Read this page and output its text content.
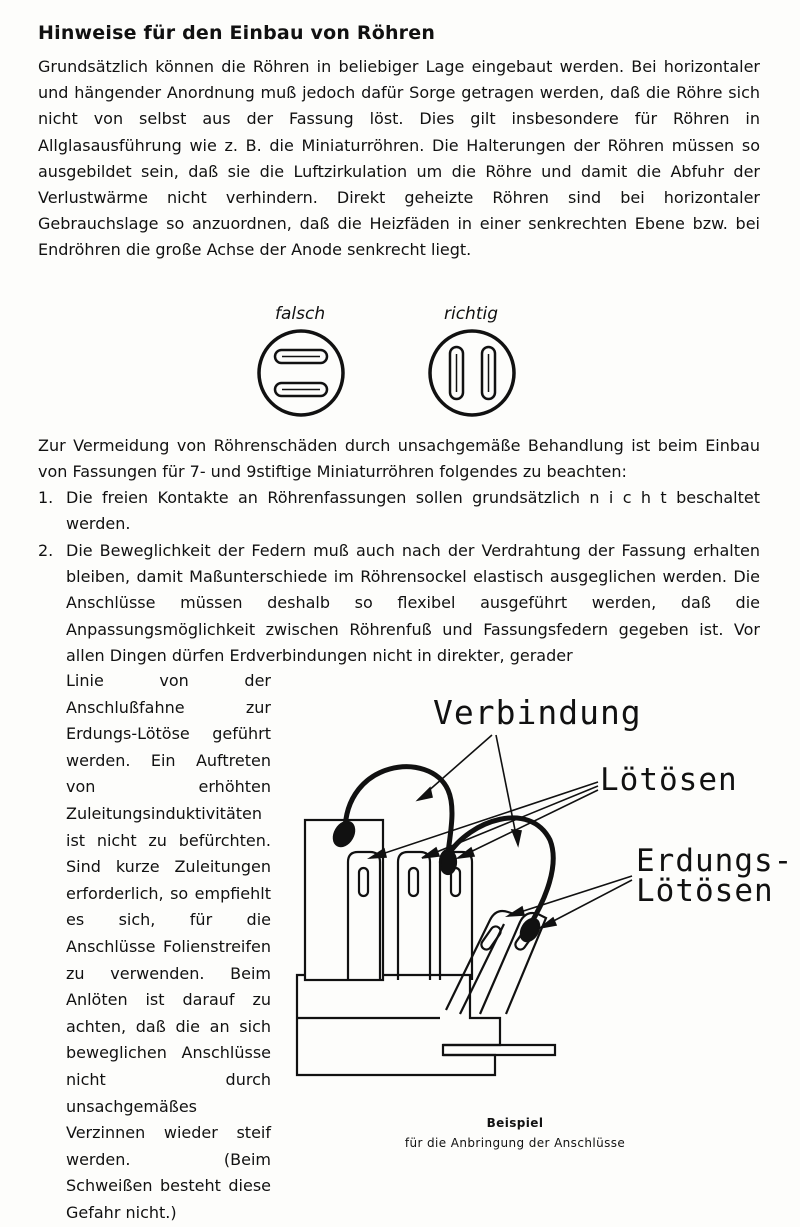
Hinweise für den Einbau von Röhren

Grundsätzlich können die Röhren in beliebiger Lage eingebaut werden. Bei horizontaler und hängender Anordnung muß jedoch dafür Sorge getragen werden, daß die Röhre sich nicht von selbst aus der Fassung löst. Dies gilt insbesondere für Röhren in Allglasausführung wie z. B. die Miniaturröhren. Die Halterungen der Röhren müssen so ausgebildet sein, daß sie die Luftzirkulation um die Röhre und damit die Abfuhr der Verlustwärme nicht verhindern. Direkt geheizte Röhren sind bei horizontaler Gebrauchslage so anzuordnen, daß die Heizfäden in einer senkrechten Ebene bzw. bei Endröhren die große Achse der Anode senkrecht liegt.

falsch	richtig

Zur Vermeidung von Röhrenschäden durch unsachgemäße Behandlung ist beim Einbau von Fassungen für 7- und 9stiftige Miniaturröhren folgendes zu beachten:

1. Die freien Kontakte an Röhrenfassungen sollen grundsätzlich n i c h t beschaltet werden.
2. Die Beweglichkeit der Federn muß auch nach der Verdrahtung der Fassung erhalten bleiben, damit Maßunterschiede im Röhrensockel elastisch ausgeglichen werden. Die Anschlüsse müssen deshalb so flexibel ausgeführt werden, daß die Anpassungsmöglichkeit zwischen Röhrenfuß und Fassungsfedern gegeben ist. Vor allen Dingen dürfen Erdverbindungen nicht in direkter, gerader
Linie von der Anschlußfahne zur Erdungs-Lötöse geführt werden. Ein Auftreten von erhöhten Zuleitungsinduktivitäten ist nicht zu befürchten. Sind kurze Zuleitungen erforderlich, so empfiehlt es sich, für die Anschlüsse Folienstreifen zu verwenden. Beim Anlöten ist darauf zu achten, daß die an sich beweglichen Anschlüsse nicht durch unsachgemäßes Verzinnen wieder steif werden. (Beim Schweißen besteht diese Gefahr nicht.)
Verbindung
Lötösen
Erdungs-
Lötösen
Beispiel
für die Anbringung der Anschlüsse
